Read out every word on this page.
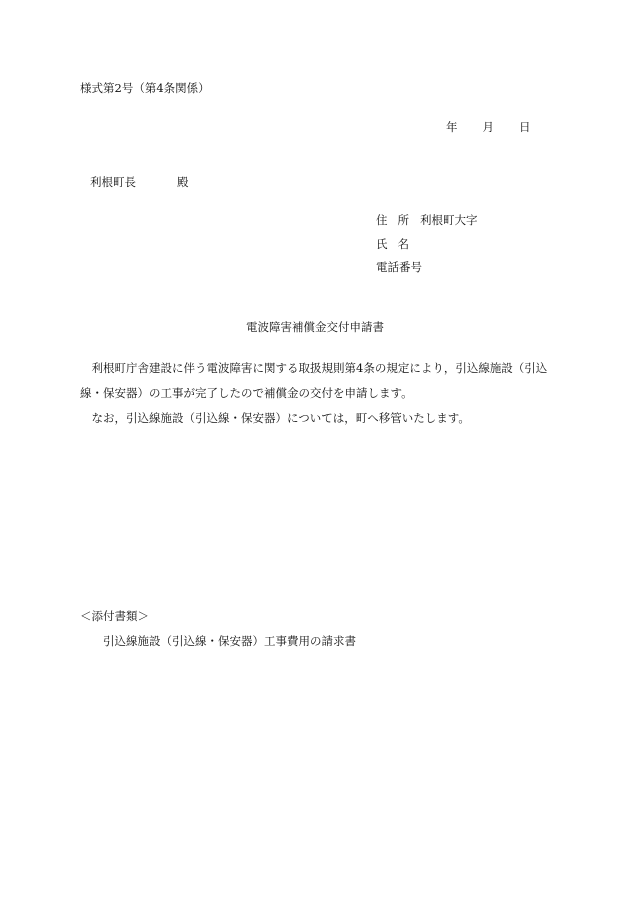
様式第2号（第4条関係）
年 月 日
利根町長	殿
住 所 利根町大字
氏 名
電話番号
電波障害補償金交付申請書

利根町庁舎建設に伴う電波障害に関する取扱規則第4条の規定により，引込線施設（引込

線・保安器）の工事が完了したので補償金の交付を申請します。

なお，引込線施設（引込線・保安器）については，町へ移管いたします。

＜添付書類＞
引込線施設（引込線・保安器）工事費用の請求書
